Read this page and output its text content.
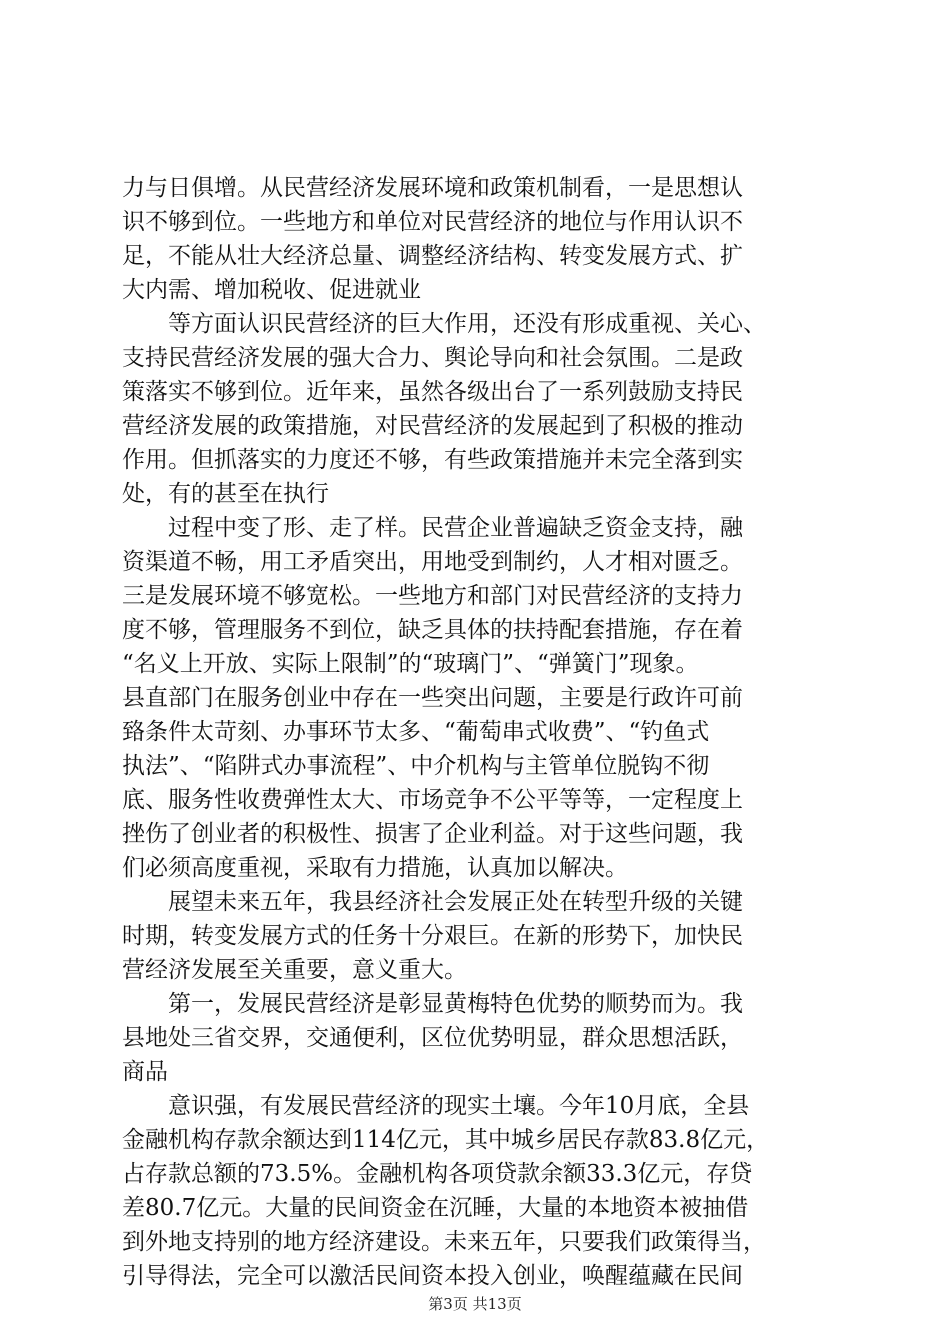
力与日俱增。从民营经济发展环境和政策机制看，一是思想认
识不够到位。一些地方和单位对民营经济的地位与作用认识不
足，不能从壮大经济总量、调整经济结构、转变发展方式、扩
大内需、增加税收、促进就业
等方面认识民营经济的巨大作用，还没有形成重视、关心、
支持民营经济发展的强大合力、舆论导向和社会氛围。二是政
策落实不够到位。近年来，虽然各级出台了一系列鼓励支持民
营经济发展的政策措施，对民营经济的发展起到了积极的推动
作用。但抓落实的力度还不够，有些政策措施并未完全落到实
处，有的甚至在执行
过程中变了形、走了样。民营企业普遍缺乏资金支持，融
资渠道不畅，用工矛盾突出，用地受到制约，人才相对匮乏。
三是发展环境不够宽松。一些地方和部门对民营经济的支持力
度不够，管理服务不到位，缺乏具体的扶持配套措施，存在着
“名义上开放、实际上限制”的“玻璃门”、“弹簧门”现象。
县直部门在服务创业中存在一些突出问题，主要是行政许可前
臵条件太苛刻、办事环节太多、“葡萄串式收费”、“钓鱼式
执法”、“陷阱式办事流程”、中介机构与主管单位脱钩不彻
底、服务性收费弹性太大、市场竞争不公平等等，一定程度上
挫伤了创业者的积极性、损害了企业利益。对于这些问题，我
们必须高度重视，采取有力措施，认真加以解决。
展望未来五年，我县经济社会发展正处在转型升级的关键
时期，转变发展方式的任务十分艰巨。在新的形势下，加快民
营经济发展至关重要，意义重大。
第一，发展民营经济是彰显黄梅特色优势的顺势而为。我
县地处三省交界，交通便利，区位优势明显，群众思想活跃，
商品
意识强，有发展民营经济的现实土壤。今年10月底，全县
金融机构存款余额达到114亿元，其中城乡居民存款83.8亿元，
占存款总额的73.5%。金融机构各项贷款余额33.3亿元，存贷
差80.7亿元。大量的民间资金在沉睡，大量的本地资本被抽借
到外地支持别的地方经济建设。未来五年，只要我们政策得当，
引导得法，完全可以激活民间资本投入创业，唤醒蕴藏在民间
第3页 共13页
